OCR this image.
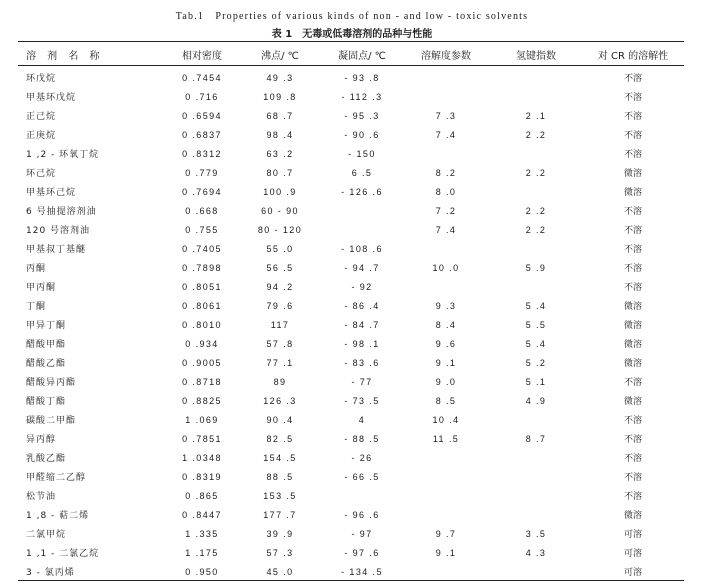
Tab.1　Properties of various kinds of non - and low - toxic solvents
表 1　无毒或低毒溶剂的品种与性能
溶 剂 名 称	相对密度	沸点/ ℃	凝固点/ ℃	溶解度参数	氢键指数	对 CR 的溶解性
环戊烷	0 .7454	49 .3	- 93 .8			不溶
甲基环戊烷	0 .716	109 .8	- 112 .3			不溶
正己烷	0 .6594	68 .7	- 95 .3	7 .3	2 .1	不溶
正庚烷	0 .6837	98 .4	- 90 .6	7 .4	2 .2	不溶
1 ,2 - 环氧丁烷	0 .8312	63 .2	- 150			不溶
环己烷	0 .779	80 .7	6 .5	8 .2	2 .2	微溶
甲基环己烷	0 .7694	100 .9	- 126 .6	8 .0		微溶
6 号抽提溶剂油	0 .668	60 - 90		7 .2	2 .2	不溶
120 号溶剂油	0 .755	80 - 120		7 .4	2 .2	不溶
甲基叔丁基醚	0 .7405	55 .0	- 108 .6			不溶
丙酮	0 .7898	56 .5	- 94 .7	10 .0	5 .9	不溶
甲丙酮	0 .8051	94 .2	- 92			不溶
丁酮	0 .8061	79 .6	- 86 .4	9 .3	5 .4	微溶
甲异丁酮	0 .8010	117	- 84 .7	8 .4	5 .5	微溶
醋酸甲酯	0 .934	57 .8	- 98 .1	9 .6	5 .4	微溶
醋酸乙酯	0 .9005	77 .1	- 83 .6	9 .1	5 .2	微溶
醋酸异丙酯	0 .8718	89	- 77	9 .0	5 .1	不溶
醋酸丁酯	0 .8825	126 .3	- 73 .5	8 .5	4 .9	微溶
碳酸二甲酯	1 .069	90 .4	4	10 .4		不溶
异丙醇	0 .7851	82 .5	- 88 .5	11 .5	8 .7	不溶
乳酸乙酯	1 .0348	154 .5	- 26			不溶
甲醛缩二乙醇	0 .8319	88 .5	- 66 .5			不溶
松节油	0 .865	153 .5				不溶
1 ,8 - 萜二烯	0 .8447	177 .7	- 96 .6			微溶
二氯甲烷	1 .335	39 .9	- 97	9 .7	3 .5	可溶
1 ,1 - 二氯乙烷	1 .175	57 .3	- 97 .6	9 .1	4 .3	可溶
3 - 氯丙烯	0 .950	45 .0	- 134 .5			可溶
